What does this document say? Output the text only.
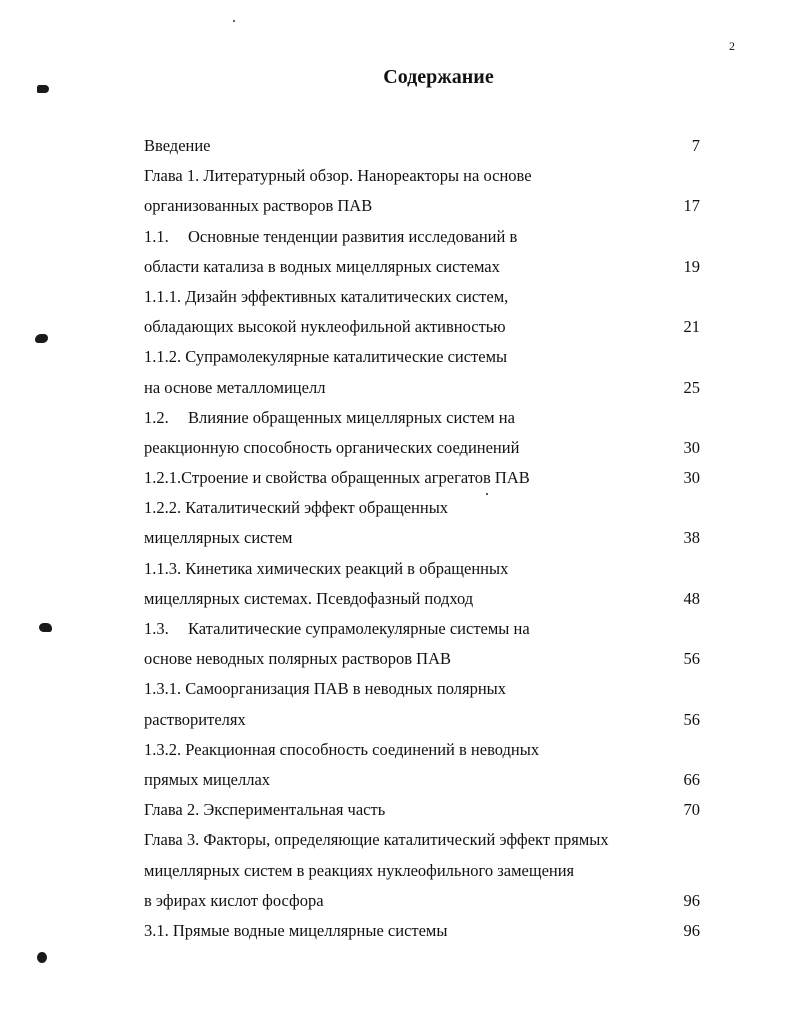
2
Содержание
Введение	7
Глава 1. Литературный обзор. Нанореакторы на основе
организованных растворов ПАВ	17
1.1. Основные тенденции развития исследований в
области катализа в водных мицеллярных системах	19
1.1.1. Дизайн эффективных каталитических систем,
обладающих высокой нуклеофильной активностью	21
1.1.2. Супрамолекулярные каталитические системы
на основе металломицелл	25
1.2. Влияние обращенных мицеллярных систем на
реакционную способность органических соединений	30
1.2.1.Строение и свойства обращенных агрегатов ПАВ	30
1.2.2. Каталитический эффект обращенных
мицеллярных систем	38
1.1.3. Кинетика химических реакций в обращенных
мицеллярных системах. Псевдофазный подход	48
1.3. Каталитические супрамолекулярные системы на
основе неводных полярных растворов ПАВ	56
1.3.1. Самоорганизация ПАВ в неводных полярных
растворителях	56
1.3.2. Реакционная способность соединений в неводных
прямых мицеллах	66
Глава 2. Экспериментальная часть	70
Глава 3. Факторы, определяющие каталитический эффект прямых
мицеллярных систем в реакциях нуклеофильного замещения
в эфирах кислот фосфора	96
3.1. Прямые водные мицеллярные системы	96
